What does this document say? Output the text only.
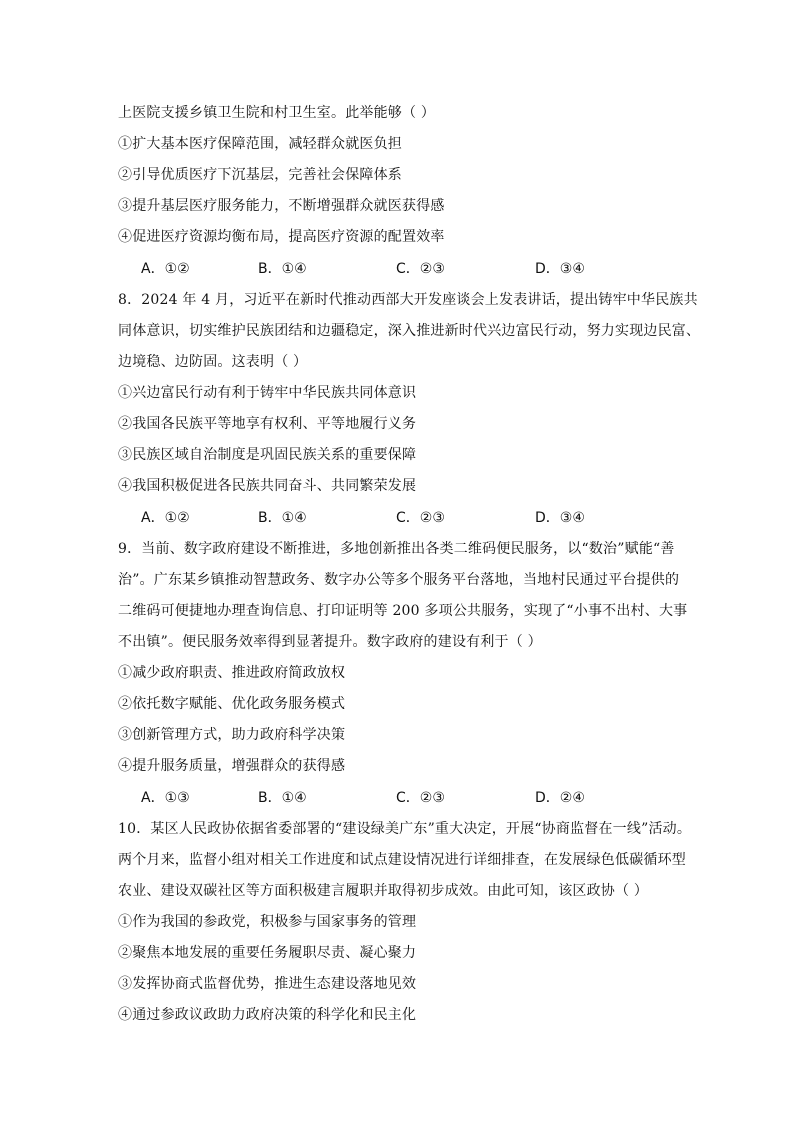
上医院支援乡镇卫生院和村卫生室。此举能够（ ）
①扩大基本医疗保障范围，减轻群众就医负担
②引导优质医疗下沉基层，完善社会保障体系
③提升基层医疗服务能力，不断增强群众就医获得感
④促进医疗资源均衡布局，提高医疗资源的配置效率
A．①②	B．①④	C．②③	D．③④
8．2024 年 4 月，习近平在新时代推动西部大开发座谈会上发表讲话，提出铸牢中华民族共
同体意识，切实维护民族团结和边疆稳定，深入推进新时代兴边富民行动，努力实现边民富、
边境稳、边防固。这表明（ ）
①兴边富民行动有利于铸牢中华民族共同体意识
②我国各民族平等地享有权利、平等地履行义务
③民族区域自治制度是巩固民族关系的重要保障
④我国积极促进各民族共同奋斗、共同繁荣发展
A．①②	B．①④	C．②③	D．③④
9．当前、数字政府建设不断推进，多地创新推出各类二维码便民服务，以“数治”赋能“善
治”。广东某乡镇推动智慧政务、数字办公等多个服务平台落地，当地村民通过平台提供的
二维码可便捷地办理查询信息、打印证明等 200 多项公共服务，实现了“小事不出村、大事
不出镇”。便民服务效率得到显著提升。数字政府的建设有利于（ ）
①减少政府职责、推进政府简政放权
②依托数字赋能、优化政务服务模式
③创新管理方式，助力政府科学决策
④提升服务质量，增强群众的获得感
A．①③	B．①④	C．②③	D．②④
10．某区人民政协依据省委部署的“建设绿美广东”重大决定，开展“协商监督在一线”活动。
两个月来，监督小组对相关工作进度和试点建设情况进行详细排查，在发展绿色低碳循环型
农业、建设双碳社区等方面积极建言履职并取得初步成效。由此可知，该区政协（ ）
①作为我国的参政党，积极参与国家事务的管理
②聚焦本地发展的重要任务履职尽责、凝心聚力
③发挥协商式监督优势，推进生态建设落地见效
④通过参政议政助力政府决策的科学化和民主化
